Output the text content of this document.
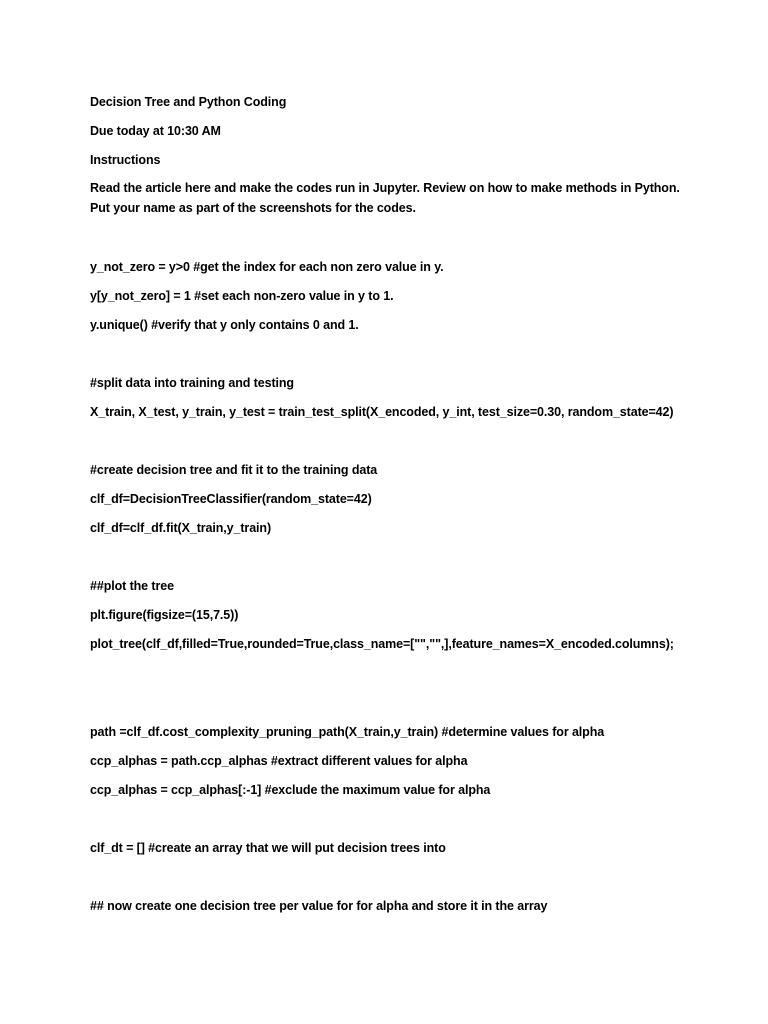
Decision Tree and Python Coding
Due today at 10:30 AM
Instructions
Read the article here and make the codes run in Jupyter. Review on how to make methods in Python. Put your name as part of the screenshots for the codes.
y_not_zero = y>0 #get the index for each non zero value in y.
y[y_not_zero] = 1 #set each non-zero value in y to 1.
y.unique() #verify that y only contains 0 and 1.
#split data into training and testing
X_train, X_test, y_train, y_test = train_test_split(X_encoded, y_int, test_size=0.30, random_state=42)
#create decision tree and fit it to the training data
clf_df=DecisionTreeClassifier(random_state=42)
clf_df=clf_df.fit(X_train,y_train)
##plot the tree
plt.figure(figsize=(15,7.5))
plot_tree(clf_df,filled=True,rounded=True,class_name=["","",],feature_names=X_encoded.columns);
path =clf_df.cost_complexity_pruning_path(X_train,y_train) #determine values for alpha
ccp_alphas = path.ccp_alphas #extract different values for alpha
ccp_alphas = ccp_alphas[:-1] #exclude the maximum value for alpha
clf_dt = [] #create an array that we will put decision trees into
## now create one decision tree per value for for alpha and store it in the array
